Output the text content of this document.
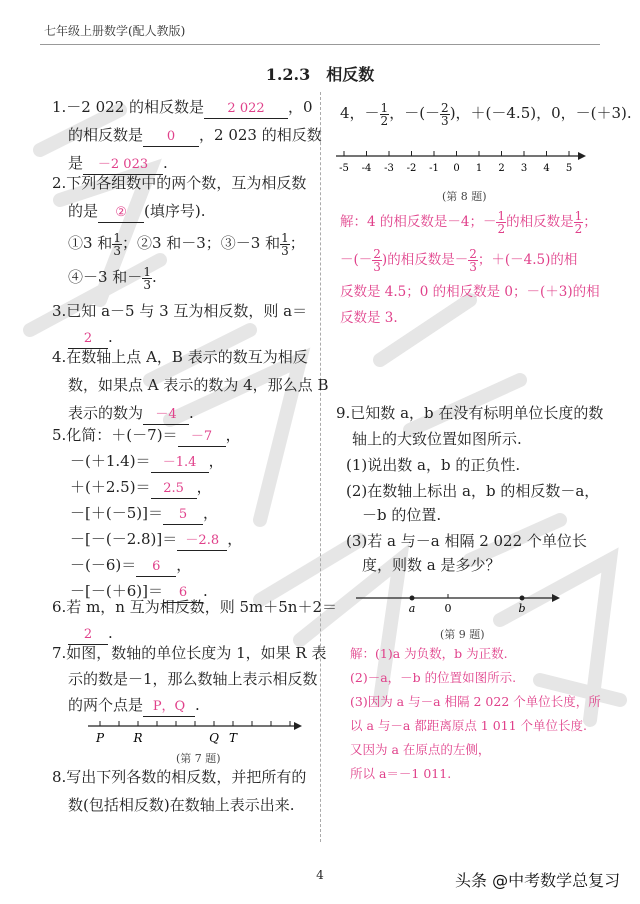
七年级上册数学(配人教版)
1.2.3　相反数
1.－2 022 的相反数是 2 022 ，0
的相反数是 0 ，2 023 的相反数
是 －2 023 .
2.下列各组数中的两个数，互为相反数
的是 ② (填序号).
①3 和 $\frac{1}{3}$ ；②3 和－3；③－3 和 $\frac{1}{3}$ ；
④－3 和－ $\frac{1}{3}$ .
3.已知 a－5 与 3 互为相反数，则 a＝
2 .
4.在数轴上点 A，B 表示的数互为相反
数，如果点 A 表示的数为 4，那么点 B
表示的数为 －4 .
5.化简：＋(－7)＝ －7 ，
－(＋1.4)＝ －1.4 ，
＋(＋2.5)＝ 2.5 ，
－[＋(－5)]＝ 5 ，
－[－(－2.8)]＝ －2.8 ，
－(－6)＝ 6 ，
－[－(＋6)]＝ 6 .
6.若 m，n 互为相反数，则 5m＋5n＋2＝
2 .
7.如图，数轴的单位长度为 1，如果 R 表
示的数是－1，那么数轴上表示相反数
的两个点是 P，Q .
P R	Q T
(第 7 题)
8.写出下列各数的相反数，并把所有的
数(包括相反数)在数轴上表示出来.
4，－ $\frac{1}{2}$ ，－(－ $\frac{2}{3}$ )，＋(－4.5)，0，－(＋3).
-5 -4 -3 -2 -1 0 1 2 3 4 5
(第 8 题)
解：4 的相反数是－4；－ $\frac{1}{2}$ 的相反数是 $\frac{1}{2}$ ；
－(－ $\frac{2}{3}$ )的相反数是－ $\frac{2}{3}$ ；＋(－4.5)的相
反数是 4.5；0 的相反数是 0；－(＋3)的相
反数是 3.
9.已知数 a，b 在没有标明单位长度的数
轴上的大致位置如图所示.
(1)说出数 a，b 的正负性.
(2)在数轴上标出 a，b 的相反数－a，
－b 的位置.
(3)若 a 与－a 相隔 2 022 个单位长
度，则数 a 是多少？
a	0	b
(第 9 题)
解：(1)a 为负数，b 为正数.
(2)－a，－b 的位置如图所示.
(3)因为 a 与－a 相隔 2 022 个单位长度，所
以 a 与－a 都距离原点 1 011 个单位长度.
又因为 a 在原点的左侧，
所以 a＝－1 011.
4	头条 @中考数学总复习
